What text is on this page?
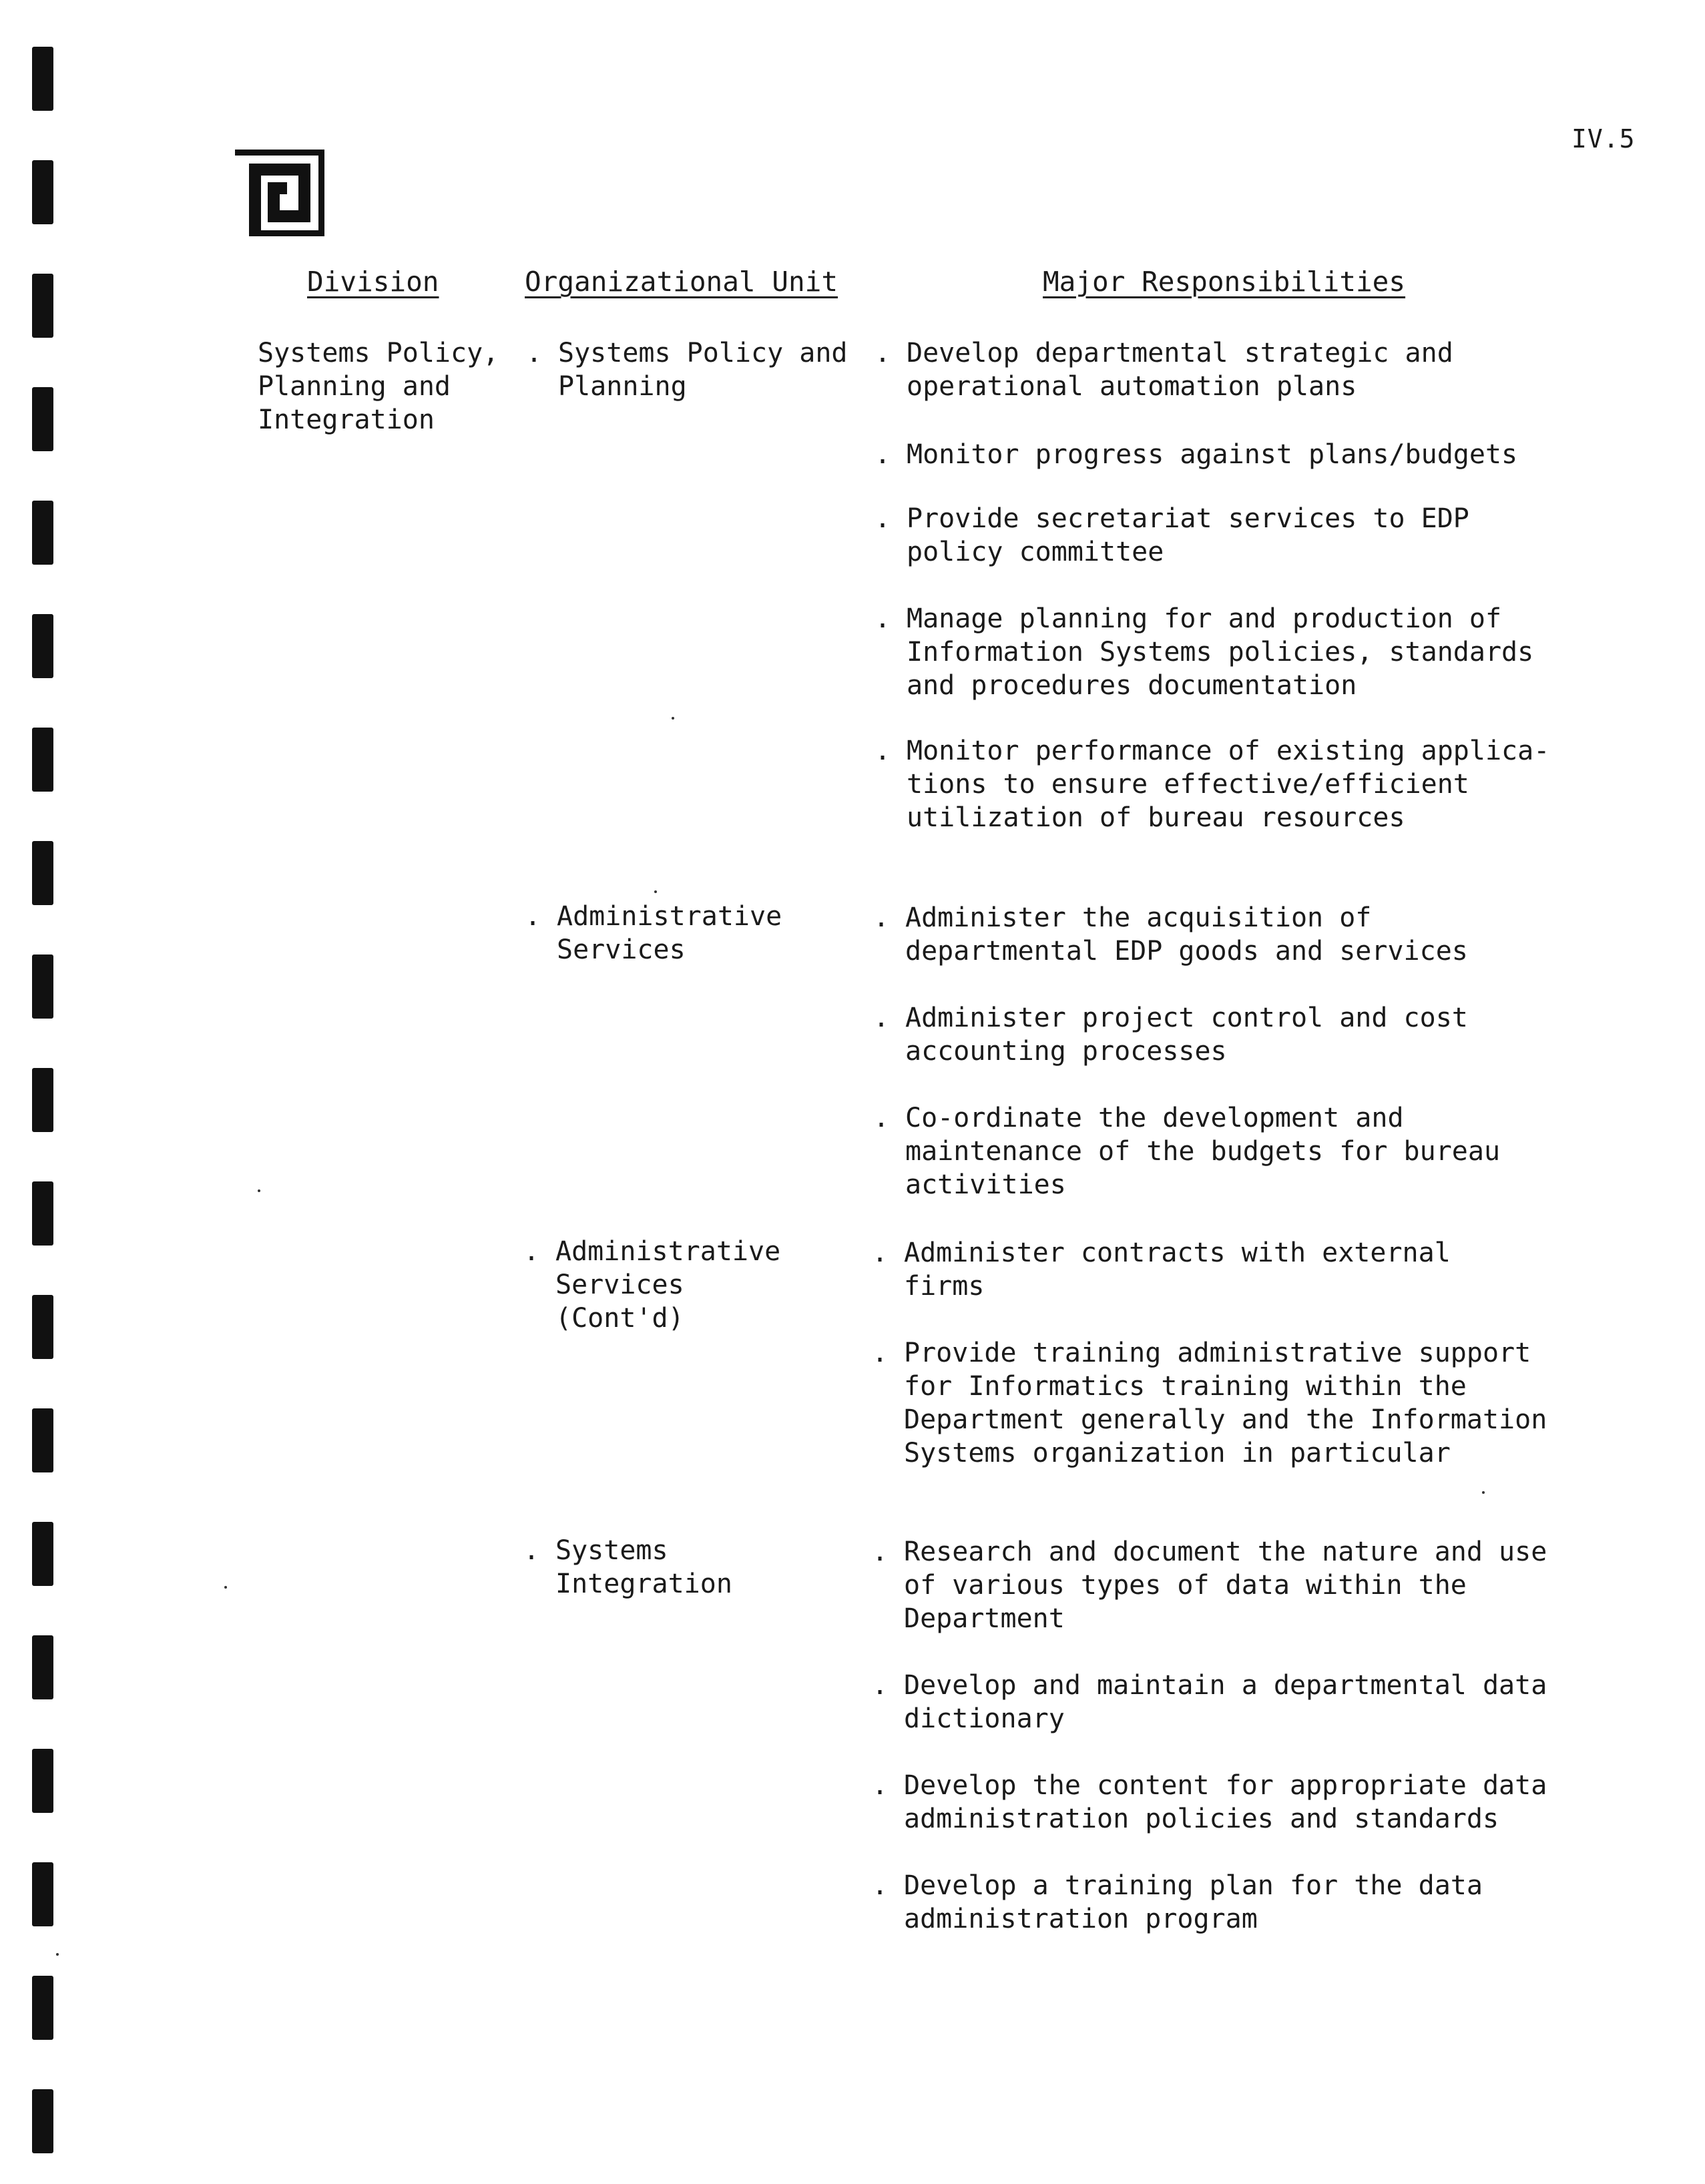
IV.5
Division	Organizational Unit	Major Responsibilities
Systems Policy,
Planning and
Integration
. Systems Policy and
Planning
. Develop departmental strategic and
operational automation plans
. Monitor progress against plans/budgets
. Provide secretariat services to EDP
policy committee
. Manage planning for and production of
Information Systems policies, standards
and procedures documentation
. Monitor performance of existing applica-
tions to ensure effective/efficient
utilization of bureau resources
. Administrative
Services
. Administer the acquisition of
departmental EDP goods and services
. Administer project control and cost
accounting processes
. Co-ordinate the development and
maintenance of the budgets for bureau
activities
. Administrative
Services
(Cont'd)
. Administer contracts with external
firms
. Provide training administrative support
for Informatics training within the
Department generally and the Information
Systems organization in particular
. Systems
Integration
. Research and document the nature and use
of various types of data within the
Department
. Develop and maintain a departmental data
dictionary
. Develop the content for appropriate data
administration policies and standards
. Develop a training plan for the data
administration program
